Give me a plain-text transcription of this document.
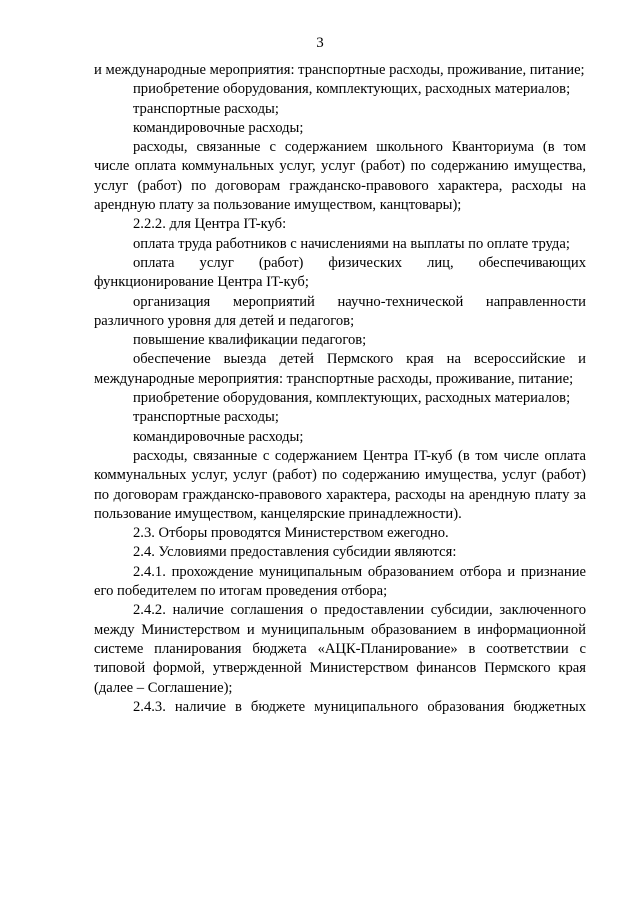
3

и международные мероприятия: транспортные расходы, проживание, питание;

приобретение оборудования, комплектующих, расходных материалов;

транспортные расходы;

командировочные расходы;

расходы, связанные с содержанием школьного Кванториума (в том числе оплата коммунальных услуг, услуг (работ) по содержанию имущества, услуг (работ) по договорам гражданско-правового характера, расходы на арендную плату за пользование имуществом, канцтовары);

2.2.2. для Центра IT-куб:

оплата труда работников с начислениями на выплаты по оплате труда;

оплата услуг (работ) физических лиц, обеспечивающих функционирование Центра IT-куб;

организация мероприятий научно-технической направленности различного уровня для детей и педагогов;

повышение квалификации педагогов;

обеспечение выезда детей Пермского края на всероссийские и международные мероприятия: транспортные расходы, проживание, питание;

приобретение оборудования, комплектующих, расходных материалов;

транспортные расходы;

командировочные расходы;

расходы, связанные с содержанием Центра IT-куб (в том числе оплата коммунальных услуг, услуг (работ) по содержанию имущества, услуг (работ) по договорам гражданско-правового характера, расходы на арендную плату за пользование имуществом, канцелярские принадлежности).

2.3. Отборы проводятся Министерством ежегодно.

2.4. Условиями предоставления субсидии являются:

2.4.1. прохождение муниципальным образованием отбора и признание его победителем по итогам проведения отбора;

2.4.2. наличие соглашения о предоставлении субсидии, заключенного между Министерством и муниципальным образованием в информационной системе планирования бюджета «АЦК-Планирование» в соответствии с типовой формой, утвержденной Министерством финансов Пермского края (далее – Соглашение);

2.4.3. наличие в бюджете муниципального образования бюджетных
